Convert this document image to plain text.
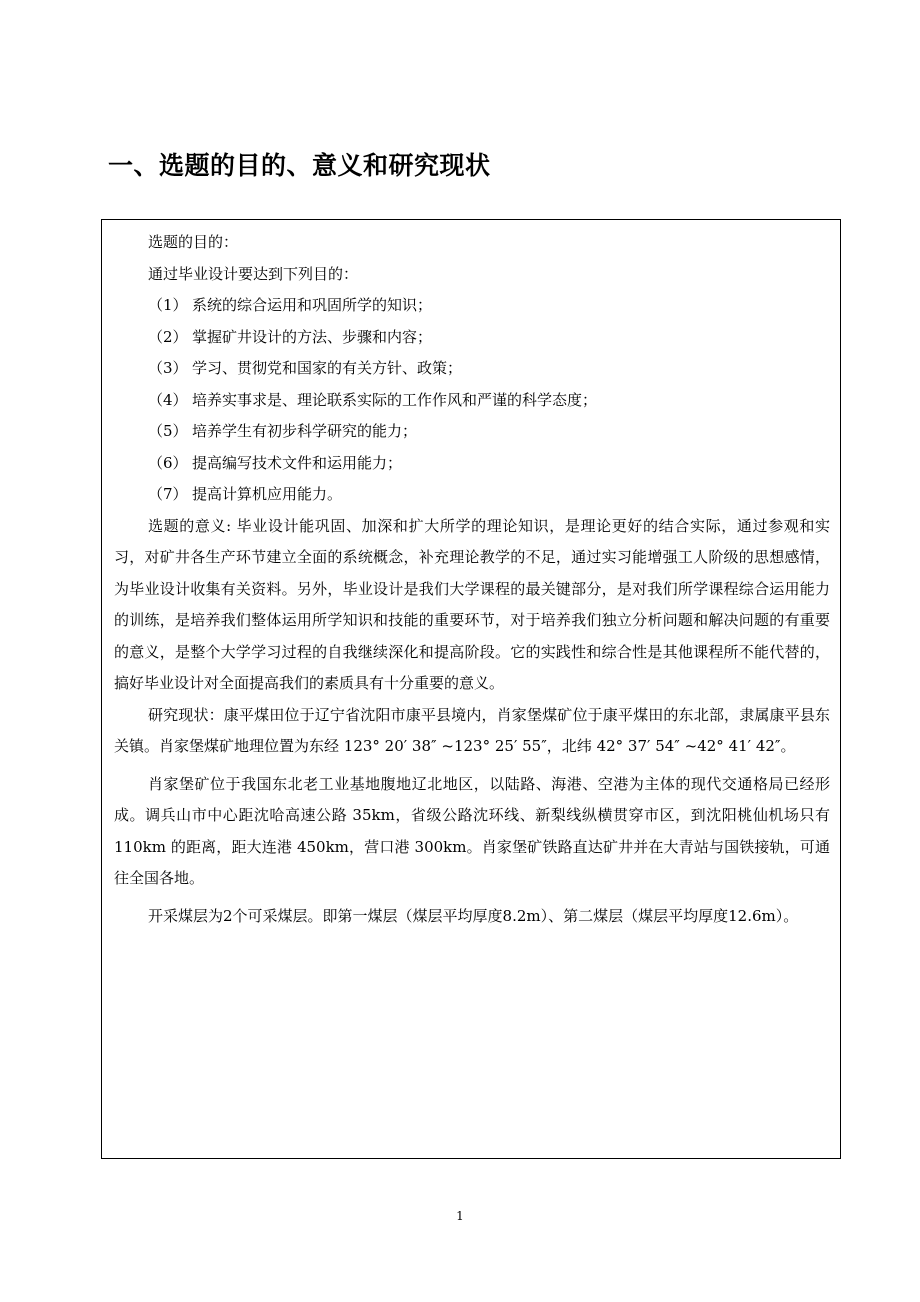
一、选题的目的、意义和研究现状

选题的目的：

通过毕业设计要达到下列目的：

（1） 系统的综合运用和巩固所学的知识；

（2） 掌握矿井设计的方法、步骤和内容；

（3） 学习、贯彻党和国家的有关方针、政策；

（4） 培养实事求是、理论联系实际的工作作风和严谨的科学态度；

（5） 培养学生有初步科学研究的能力；

（6） 提高编写技术文件和运用能力；

（7） 提高计算机应用能力。

选题的意义: 毕业设计能巩固、加深和扩大所学的理论知识，是理论更好的结合实际，通过参观和实习，对矿井各生产环节建立全面的系统概念，补充理论教学的不足，通过实习能增强工人阶级的思想感情，为毕业设计收集有关资料。另外，毕业设计是我们大学课程的最关键部分，是对我们所学课程综合运用能力的训练，是培养我们整体运用所学知识和技能的重要环节，对于培养我们独立分析问题和解决问题的有重要的意义，是整个大学学习过程的自我继续深化和提高阶段。它的实践性和综合性是其他课程所不能代替的，搞好毕业设计对全面提高我们的素质具有十分重要的意义。

研究现状：康平煤田位于辽宁省沈阳市康平县境内，肖家堡煤矿位于康平煤田的东北部，隶属康平县东关镇。肖家堡煤矿地理位置为东经 123° 20′ 38″ ~123° 25′ 55″，北纬 42° 37′ 54″ ~42° 41′ 42″。

肖家堡矿位于我国东北老工业基地腹地辽北地区，以陆路、海港、空港为主体的现代交通格局已经形成。调兵山市中心距沈哈高速公路 35km，省级公路沈环线、新梨线纵横贯穿市区，到沈阳桃仙机场只有 110km 的距离，距大连港 450km，营口港 300km。肖家堡矿铁路直达矿井并在大青站与国铁接轨，可通往全国各地。

开采煤层为2个可采煤层。即第一煤层（煤层平均厚度8.2m）、第二煤层（煤层平均厚度12.6m）。

1
